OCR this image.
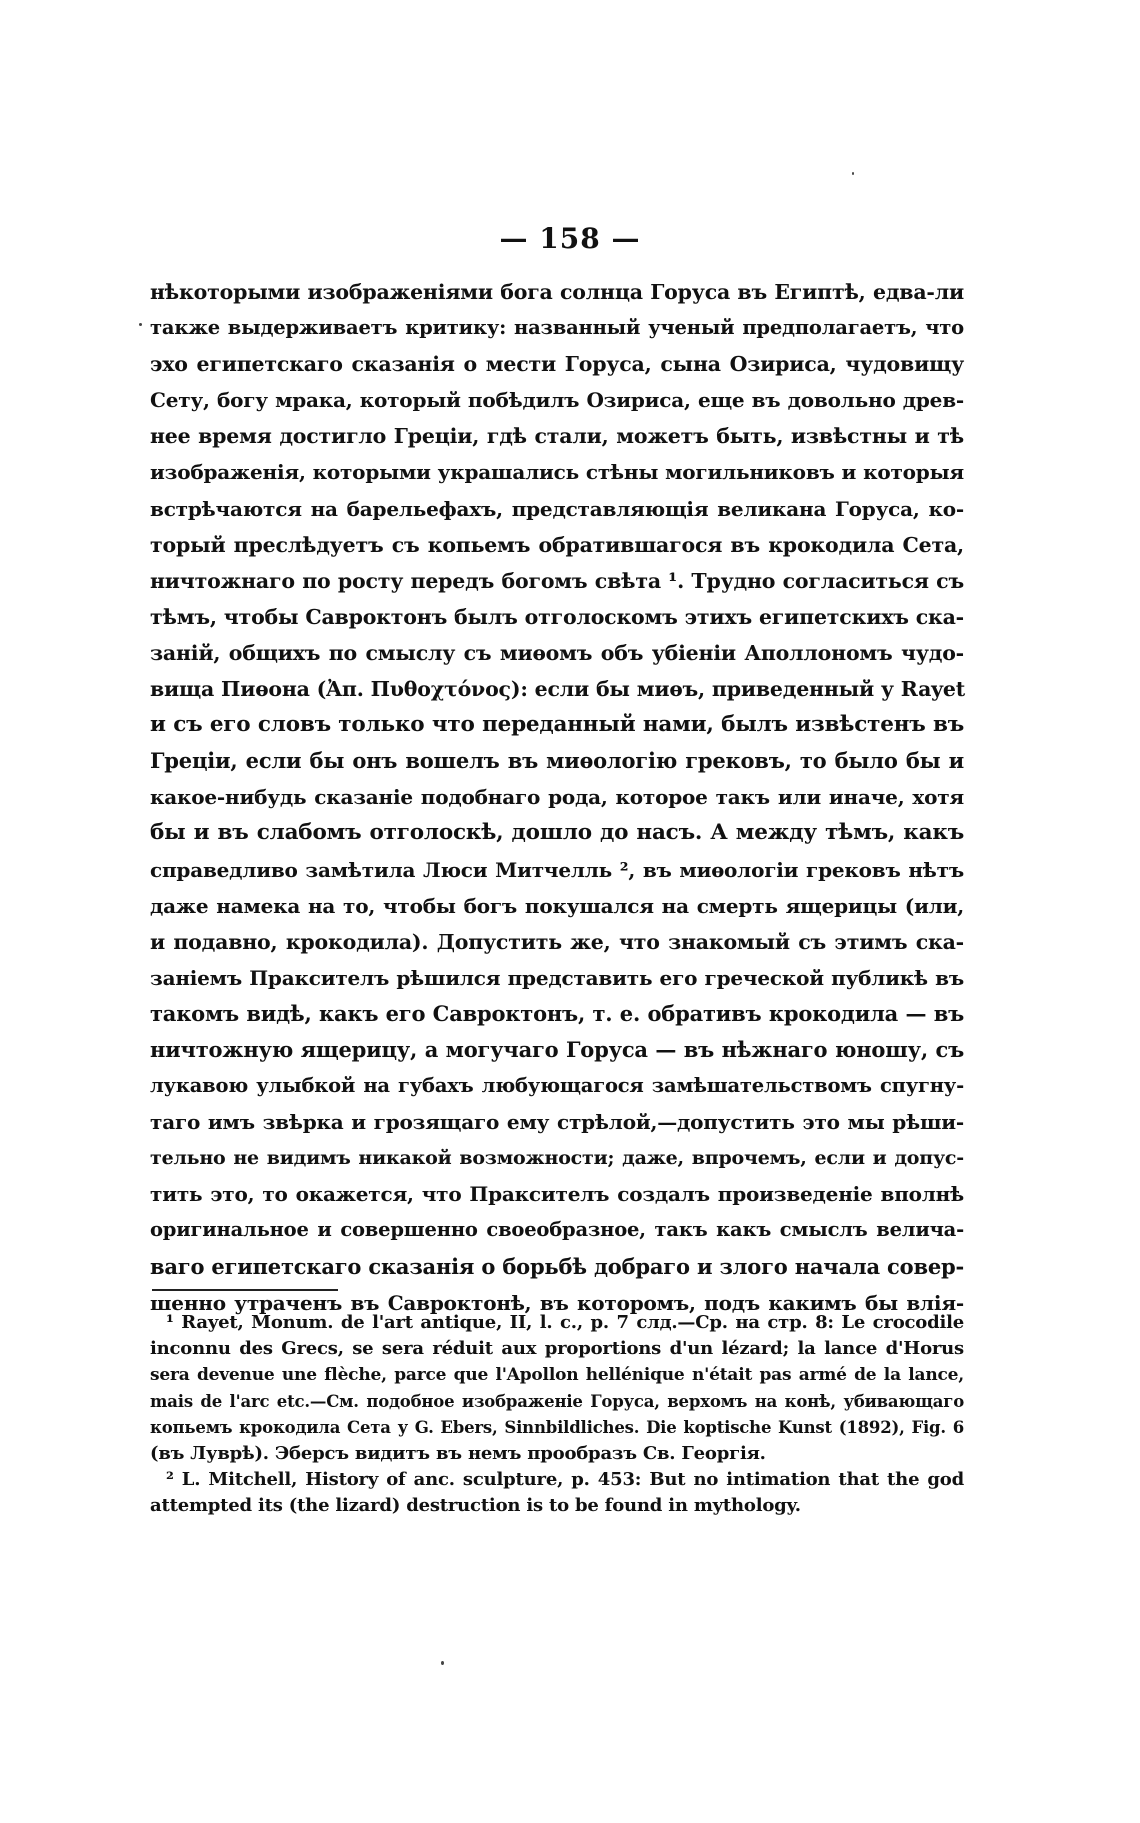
— 158 —
нѣкоторыми изображеніями бога солнца Горуса въ Египтѣ, едва-ли
также выдерживаетъ критику: названный ученый предполагаетъ, что
эхо египетскаго сказанія о мести Горуса, сына Озириса, чудовищу
Сету, богу мрака, который побѣдилъ Озириса, еще въ довольно древ-
нее время достигло Греціи, гдѣ стали, можетъ быть, извѣстны и тѣ
изображенія, которыми украшались стѣны могильниковъ и которыя
встрѣчаются на барельефахъ, представляющія великана Горуса, ко-
торый преслѣдуетъ съ копьемъ обратившагося въ крокодила Сета,
ничтожнаго по росту передъ богомъ свѣта ¹. Трудно согласиться съ
тѣмъ, чтобы Савроктонъ былъ отголоскомъ этихъ египетскихъ ска-
заній, общихъ по смыслу съ миѳомъ объ убіеніи Аполлономъ чудо-
вища Пиѳона (Ἀπ. Πυθοχτόνος): если бы миѳъ, приведенный у Rayet
и съ его словъ только что переданный нами, былъ извѣстенъ въ
Греціи, если бы онъ вошелъ въ миѳологію грековъ, то было бы и
какое-нибудь сказаніе подобнаго рода, которое такъ или иначе, хотя
бы и въ слабомъ отголоскѣ, дошло до насъ. А между тѣмъ, какъ
справедливо замѣтила Люси Митчелль ², въ миѳологіи грековъ нѣтъ
даже намека на то, чтобы богъ покушался на смерть ящерицы (или,
и подавно, крокодила). Допустить же, что знакомый съ этимъ ска-
заніемъ Праксителъ рѣшился представить его греческой публикѣ въ
такомъ видѣ, какъ его Савроктонъ, т. е. обративъ крокодила — въ
ничтожную ящерицу, а могучаго Горуса — въ нѣжнаго юношу, съ
лукавою улыбкой на губахъ любующагося замѣшательствомъ спугну-
таго имъ звѣрка и грозящаго ему стрѣлой,—допустить это мы рѣши-
тельно не видимъ никакой возможности; даже, впрочемъ, если и допус-
тить это, то окажется, что Праксителъ создалъ произведеніе вполнѣ
оригинальное и совершенно своеобразное, такъ какъ смыслъ велича-
ваго египетскаго сказанія о борьбѣ добраго и злого начала совер-
шенно утраченъ въ Савроктонѣ, въ которомъ, подъ какимъ бы влія-
¹ Rayet, Monum. de l'art antique, II, l. c., p. 7 слд.—Ср. на стр. 8: Le crocodile
inconnu des Grecs, se sera réduit aux proportions d'un lézard; la lance d'Horus
sera devenue une flèche, parce que l'Apollon hellénique n'était pas armé de la lance,
mais de l'arc etc.—См. подобное изображеніе Горуса, верхомъ на конѣ, убивающаго
копьемъ крокодила Сета у G. Ebers, Sinnbildliches. Die koptische Kunst (1892), Fig. 6
(въ Луврѣ). Эберсъ видитъ въ немъ прообразъ Св. Георгія.
² L. Mitchell, History of anc. sculpture, p. 453: But no intimation that the god
attempted its (the lizard) destruction is to be found in mythology.
